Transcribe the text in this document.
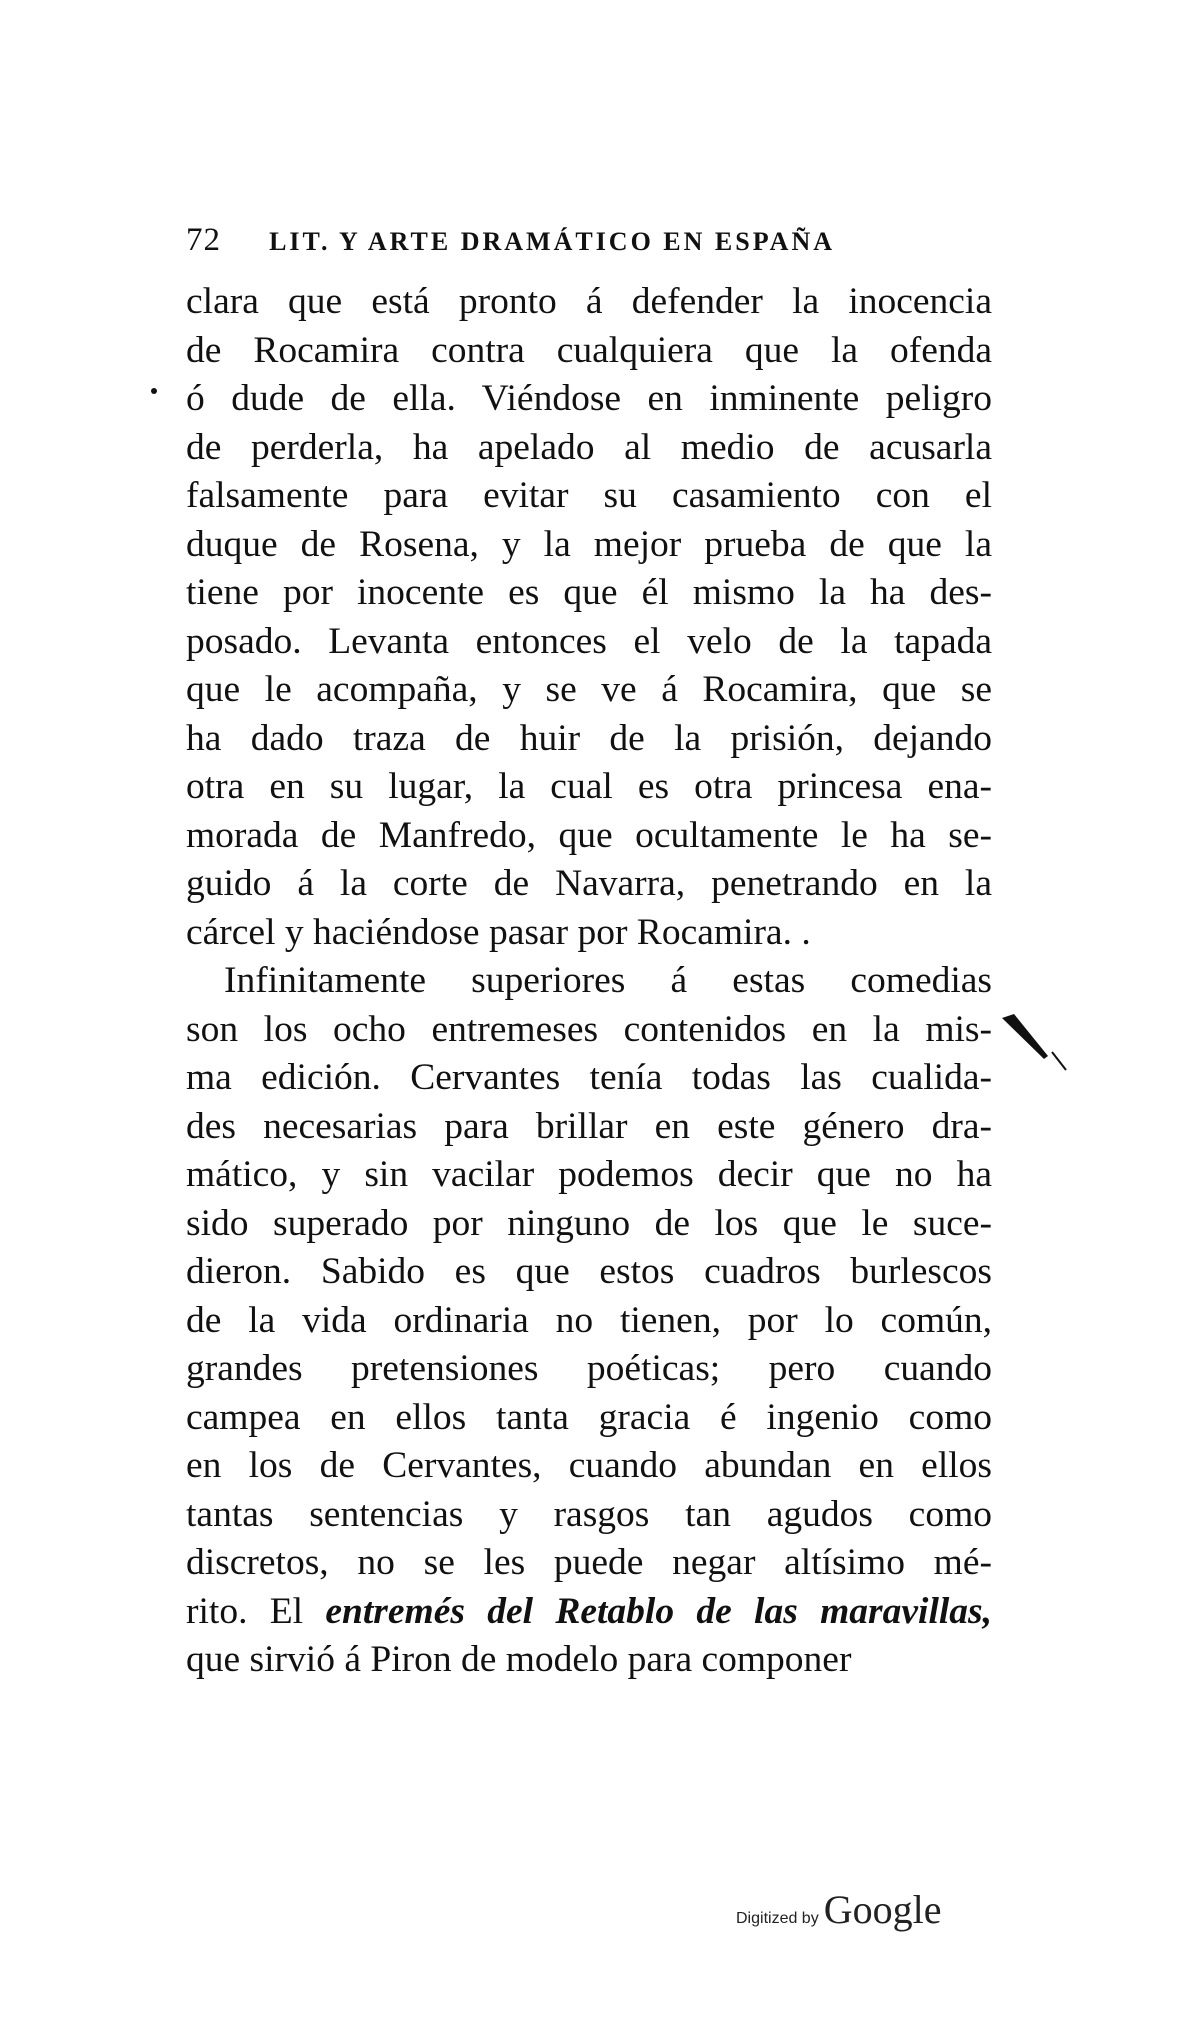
72 LIT. Y ARTE DRAMÁTICO EN ESPAÑA
clara que está pronto á defender la inocencia
de Rocamira contra cualquiera que la ofenda
ó dude de ella. Viéndose en inminente peligro
de perderla, ha apelado al medio de acusarla
falsamente para evitar su casamiento con el
duque de Rosena, y la mejor prueba de que la
tiene por inocente es que él mismo la ha des-
posado. Levanta entonces el velo de la tapada
que le acompaña, y se ve á Rocamira, que se
ha dado traza de huir de la prisión, dejando
otra en su lugar, la cual es otra princesa ena-
morada de Manfredo, que ocultamente le ha se-
guido á la corte de Navarra, penetrando en la
cárcel y haciéndose pasar por Rocamira. .
Infinitamente superiores á estas comedias
son los ocho entremeses contenidos en la mis-
ma edición. Cervantes tenía todas las cualida-
des necesarias para brillar en este género dra-
mático, y sin vacilar podemos decir que no ha
sido superado por ninguno de los que le suce-
dieron. Sabido es que estos cuadros burlescos
de la vida ordinaria no tienen, por lo común,
grandes pretensiones poéticas; pero cuando
campea en ellos tanta gracia é ingenio como
en los de Cervantes, cuando abundan en ellos
tantas sentencias y rasgos tan agudos como
discretos, no se les puede negar altísimo mé-
rito. El entremés del Retablo de las maravillas,
que sirvió á Piron de modelo para componer
Digitized by Google
